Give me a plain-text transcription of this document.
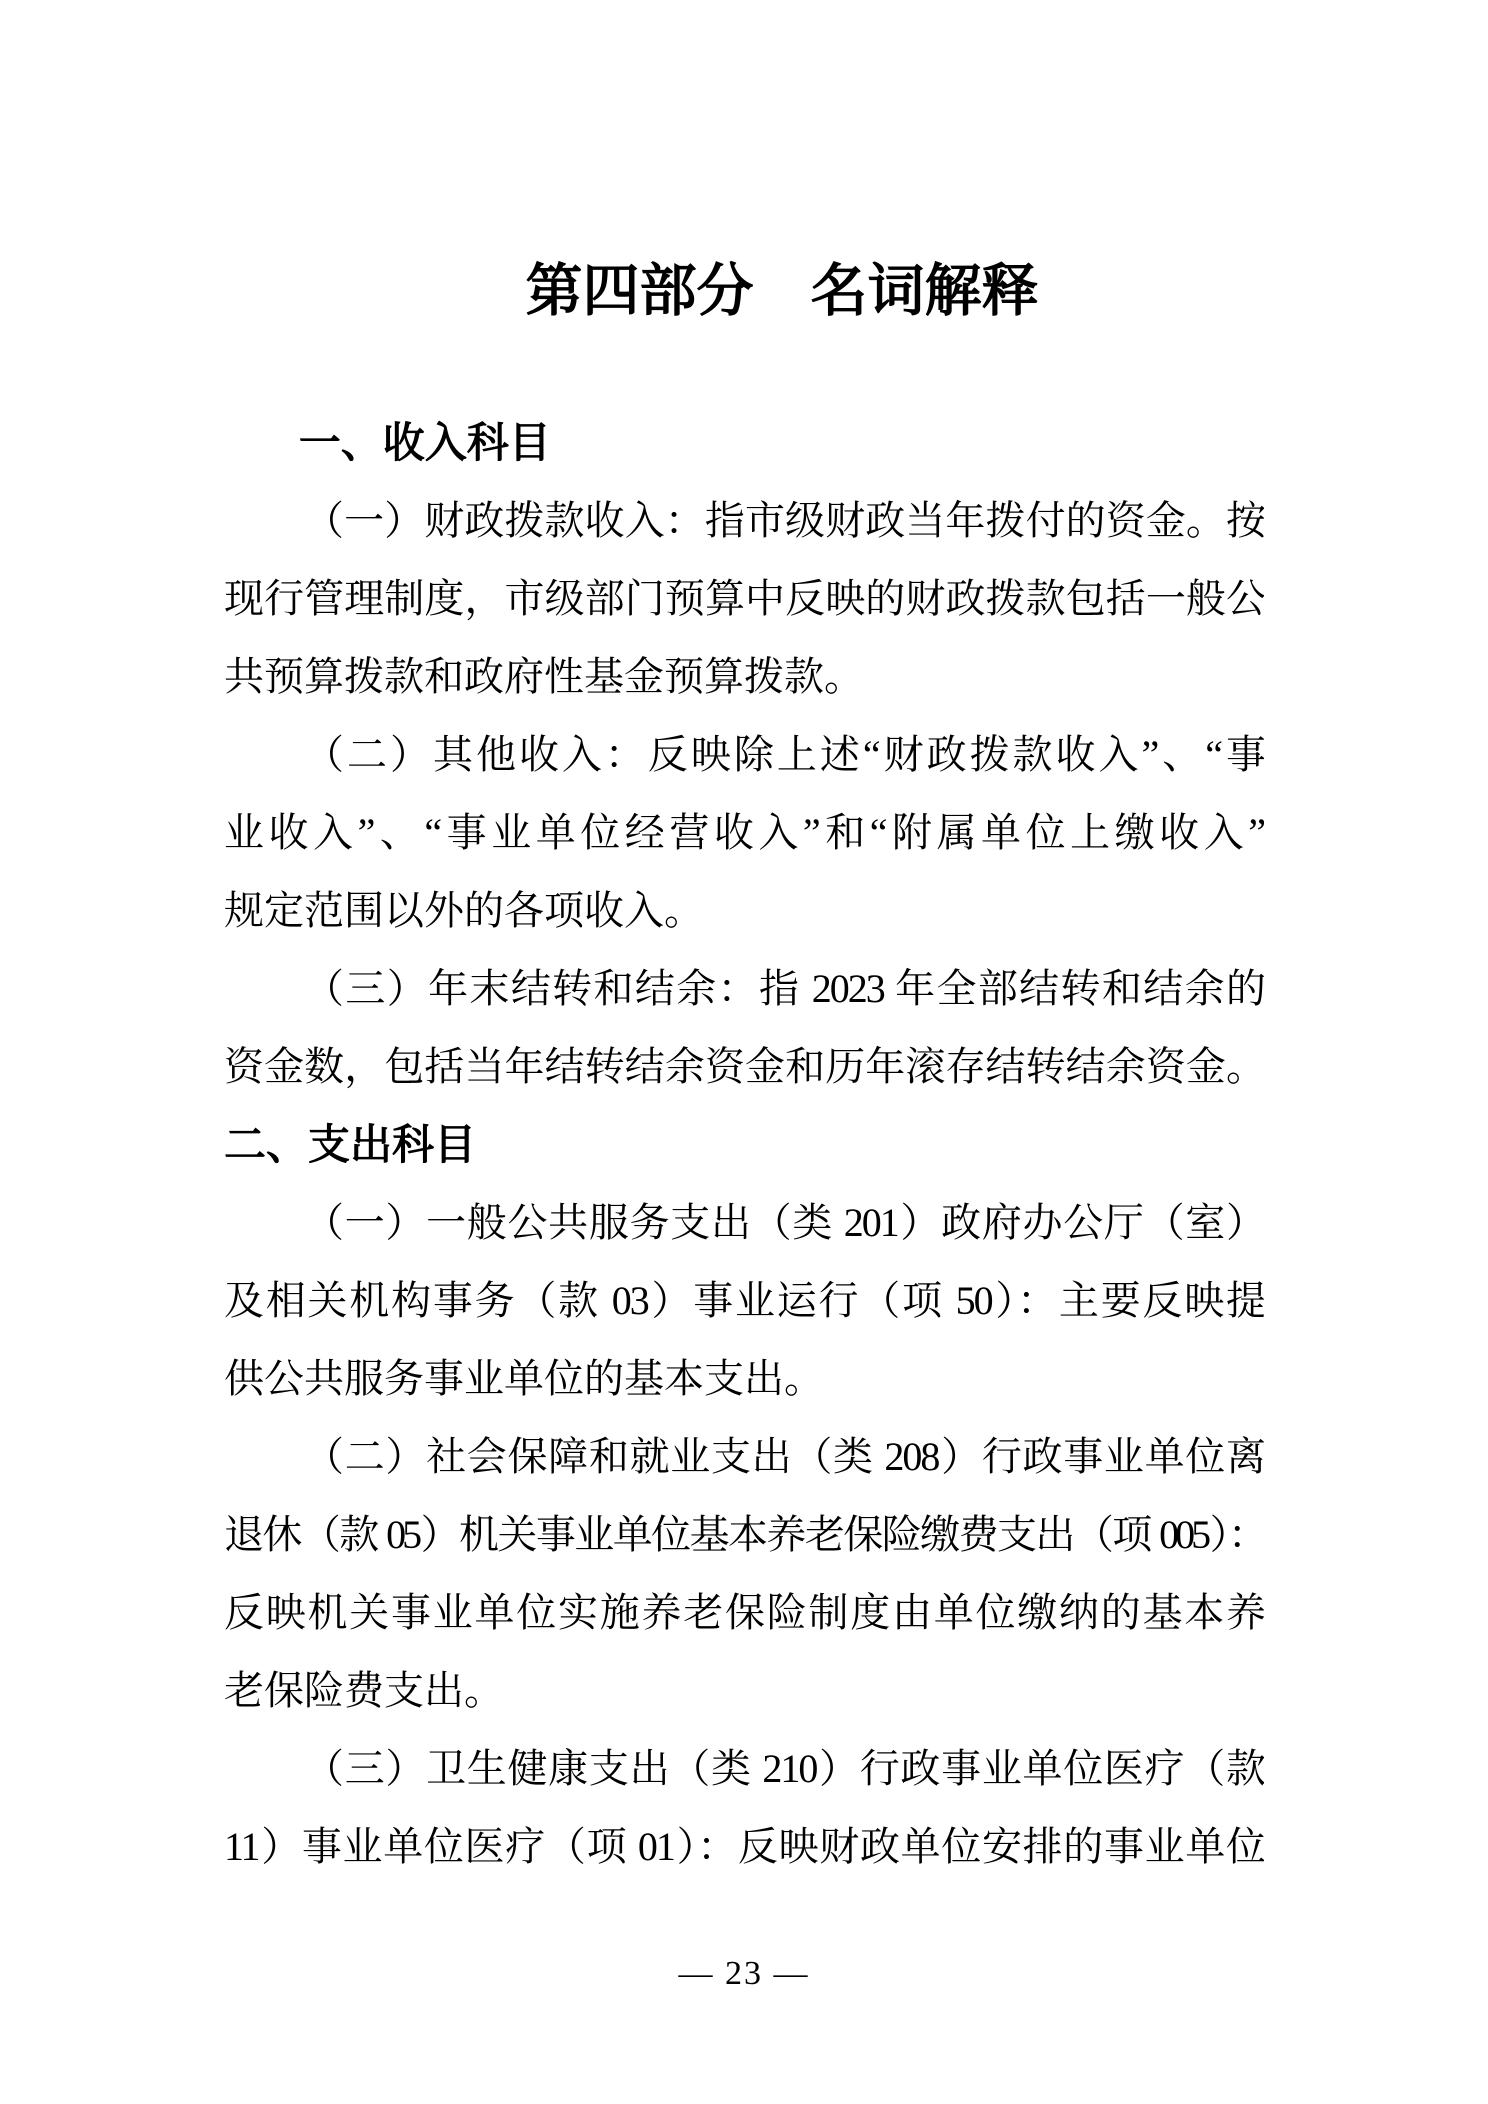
第四部分　名词解释
一、收入科目
（一）财政拨款收入：指市级财政当年拨付的资金。按
现行管理制度，市级部门预算中反映的财政拨款包括一般公
共预算拨款和政府性基金预算拨款。
（二）其他收入：反映除上述“财政拨款收入”、“事
业收入”、“事业单位经营收入”和“附属单位上缴收入”
规定范围以外的各项收入。
（三）年末结转和结余：指 2023 年全部结转和结余的
资金数，包括当年结转结余资金和历年滚存结转结余资金。
二、支出科目
（一）一般公共服务支出（类 201）政府办公厅（室）
及相关机构事务（款 03）事业运行（项 50）：主要反映提
供公共服务事业单位的基本支出。
（二）社会保障和就业支出（类 208）行政事业单位离
退休（款 05）机关事业单位基本养老保险缴费支出（项 005）：
反映机关事业单位实施养老保险制度由单位缴纳的基本养
老保险费支出。
（三）卫生健康支出（类 210）行政事业单位医疗（款
11）事业单位医疗（项 01）：反映财政单位安排的事业单位
— 23 —
